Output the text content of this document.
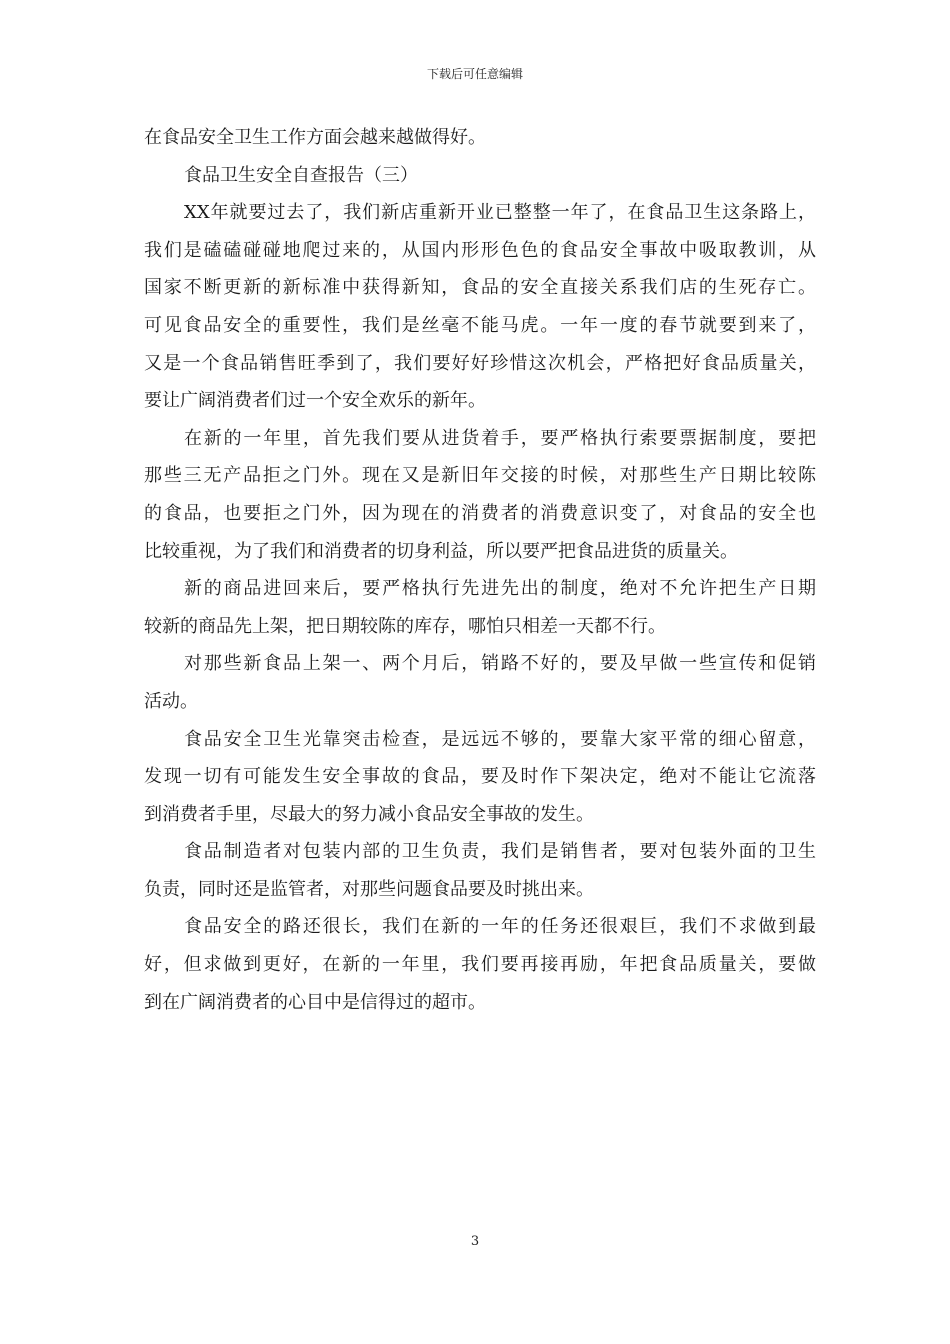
下载后可任意编辑
在食品安全卫生工作方面会越来越做得好。
食品卫生安全自查报告（三）
XX年就要过去了，我们新店重新开业已整整一年了，在食品卫生这条路上，
我们是磕磕碰碰地爬过来的，从国内形形色色的食品安全事故中吸取教训，从
国家不断更新的新标准中获得新知，食品的安全直接关系我们店的生死存亡。
可见食品安全的重要性，我们是丝毫不能马虎。一年一度的春节就要到来了，
又是一个食品销售旺季到了，我们要好好珍惜这次机会，严格把好食品质量关，
要让广阔消费者们过一个安全欢乐的新年。
在新的一年里，首先我们要从进货着手，要严格执行索要票据制度，要把
那些三无产品拒之门外。现在又是新旧年交接的时候，对那些生产日期比较陈
的食品，也要拒之门外，因为现在的消费者的消费意识变了，对食品的安全也
比较重视，为了我们和消费者的切身利益，所以要严把食品进货的质量关。
新的商品进回来后，要严格执行先进先出的制度，绝对不允许把生产日期
较新的商品先上架，把日期较陈的库存，哪怕只相差一天都不行。
对那些新食品上架一、两个月后，销路不好的，要及早做一些宣传和促销
活动。
食品安全卫生光靠突击检查，是远远不够的，要靠大家平常的细心留意，
发现一切有可能发生安全事故的食品，要及时作下架决定，绝对不能让它流落
到消费者手里，尽最大的努力减小食品安全事故的发生。
食品制造者对包装内部的卫生负责，我们是销售者，要对包装外面的卫生
负责，同时还是监管者，对那些问题食品要及时挑出来。
食品安全的路还很长，我们在新的一年的任务还很艰巨，我们不求做到最
好，但求做到更好，在新的一年里，我们要再接再励，年把食品质量关，要做
到在广阔消费者的心目中是信得过的超市。
3
